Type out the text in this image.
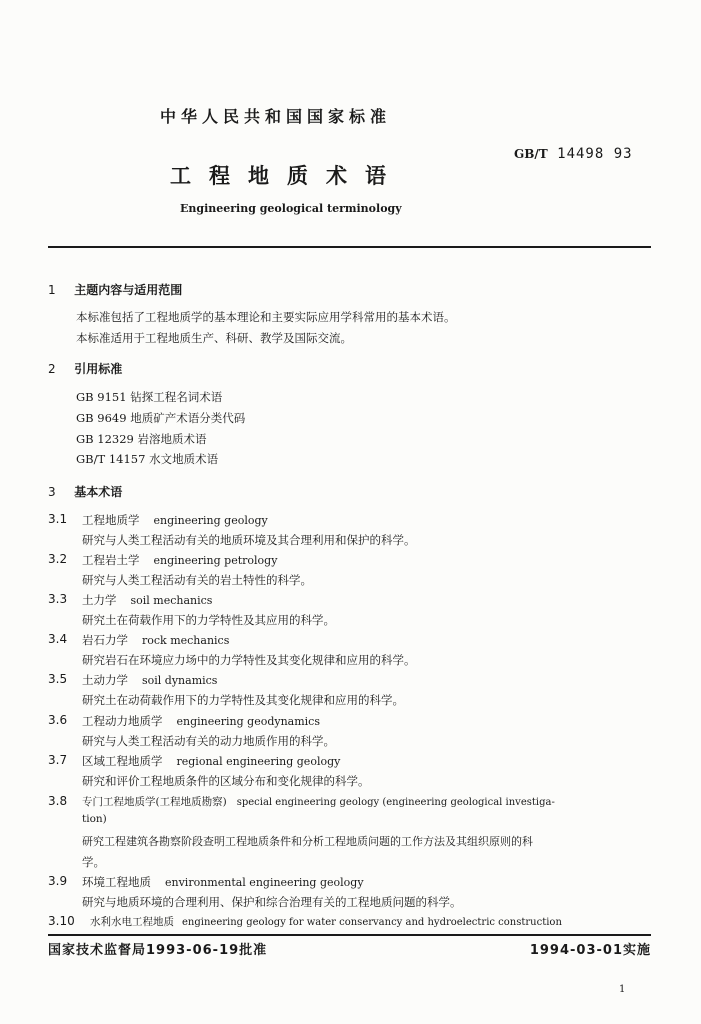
中华人民共和国国家标准
GB/T 14498 93
工程地质术语
Engineering geological terminology
1 主题内容与适用范围
本标准包括了工程地质学的基本理论和主要实际应用学科常用的基本术语。
本标准适用于工程地质生产、科研、教学及国际交流。
2 引用标准
GB 9151 钻探工程名词术语
GB 9649 地质矿产术语分类代码
GB 12329 岩溶地质术语
GB/T 14157 水文地质术语
3 基本术语
3.1 工程地质学 engineering geology
研究与人类工程活动有关的地质环境及其合理利用和保护的科学。
3.2 工程岩土学 engineering petrology
研究与人类工程活动有关的岩土特性的科学。
3.3 土力学 soil mechanics
研究土在荷载作用下的力学特性及其应用的科学。
3.4 岩石力学 rock mechanics
研究岩石在环境应力场中的力学特性及其变化规律和应用的科学。
3.5 土动力学 soil dynamics
研究土在动荷载作用下的力学特性及其变化规律和应用的科学。
3.6 工程动力地质学 engineering geodynamics
研究与人类工程活动有关的动力地质作用的科学。
3.7 区域工程地质学 regional engineering geology
研究和评价工程地质条件的区域分布和变化规律的科学。
3.8 专门工程地质学(工程地质勘察) special engineering geology (engineering geological investiga-
tion)
研究工程建筑各勘察阶段查明工程地质条件和分析工程地质问题的工作方法及其组织原则的科
学。
3.9 环境工程地质 environmental engineering geology
研究与地质环境的合理利用、保护和综合治理有关的工程地质问题的科学。
3.10 水利水电工程地质 engineering geology for water conservancy and hydroelectric construction
国家技术监督局1993-06-19批准	1994-03-01实施
1
